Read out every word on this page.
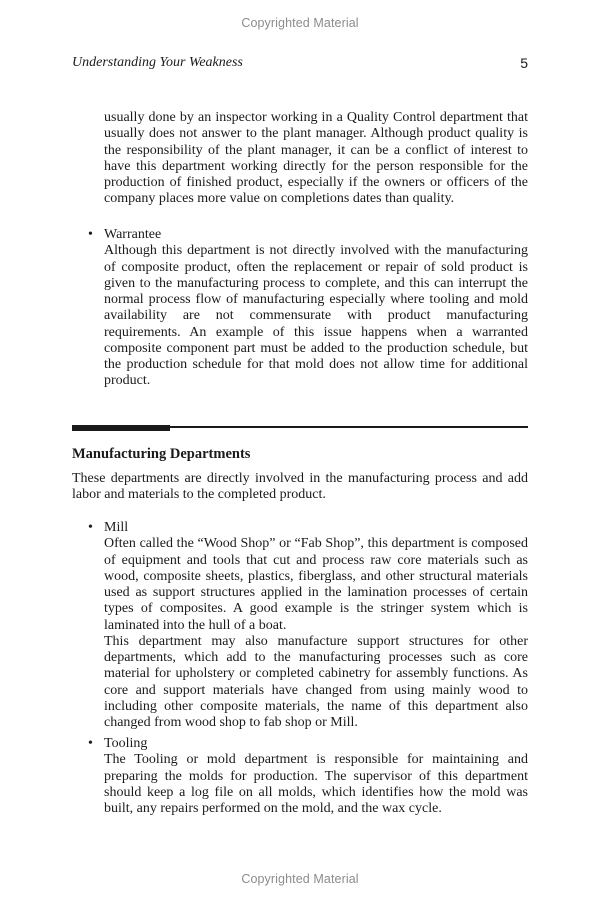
Copyrighted Material
Understanding Your Weakness	5
usually done by an inspector working in a Quality Control department that usually does not answer to the plant manager. Although product quality is the responsibility of the plant manager, it can be a conflict of interest to have this department working directly for the person responsible for the production of finished product, especially if the owners or officers of the company places more value on completions dates than quality.
• Warrantee

Although this department is not directly involved with the manufacturing of composite product, often the replacement or repair of sold product is given to the manufacturing process to complete, and this can interrupt the normal process flow of manufacturing especially where tooling and mold availability are not commensurate with product manufacturing requirements. An example of this issue happens when a warranted composite component part must be added to the production schedule, but the production schedule for that mold does not allow time for additional product.

Manufacturing Departments
These departments are directly involved in the manufacturing process and add labor and materials to the completed product.
• Mill

Often called the “Wood Shop” or “Fab Shop”, this department is composed of equipment and tools that cut and process raw core materials such as wood, composite sheets, plastics, fiberglass, and other structural materials used as support structures applied in the lamination processes of certain types of composites. A good example is the stringer system which is laminated into the hull of a boat.

This department may also manufacture support structures for other departments, which add to the manufacturing processes such as core material for upholstery or completed cabinetry for assembly functions. As core and support materials have changed from using mainly wood to including other composite materials, the name of this department also changed from wood shop to fab shop or Mill.

• Tooling

The Tooling or mold department is responsible for maintaining and preparing the molds for production. The supervisor of this department should keep a log file on all molds, which identifies how the mold was built, any repairs performed on the mold, and the wax cycle.

Copyrighted Material
